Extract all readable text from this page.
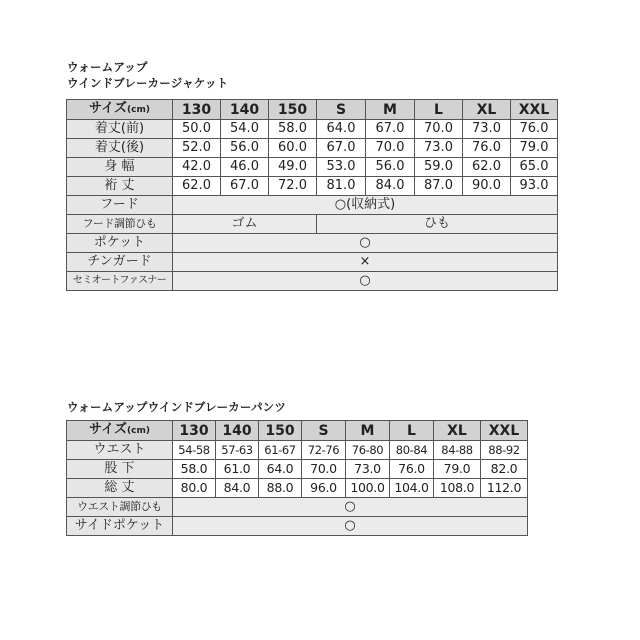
ウォームアップ
ウインドブレーカージャケット
サイズ(cm)	130	140	150	S	M	L	XL	XXL
着丈(前)	50.0	54.0	58.0	64.0	67.0	70.0	73.0	76.0
着丈(後)	52.0	56.0	60.0	67.0	70.0	73.0	76.0	79.0
身 幅	42.0	46.0	49.0	53.0	56.0	59.0	62.0	65.0
裄 丈	62.0	67.0	72.0	81.0	84.0	87.0	90.0	93.0
フード	○(収納式)							
フード調節ひも	ゴム			ひも				
ポケット	○							
チンガード	×							
セミオートファスナー	○							
ウォームアップウインドブレーカーパンツ
サイズ(cm)	130	140	150	S	M	L	XL	XXL
ウエスト	54-58	57-63	61-67	72-76	76-80	80-84	84-88	88-92
股 下	58.0	61.0	64.0	70.0	73.0	76.0	79.0	82.0
総 丈	80.0	84.0	88.0	96.0	100.0	104.0	108.0	112.0
ウエスト調節ひも	○							
サイドポケット	○							
